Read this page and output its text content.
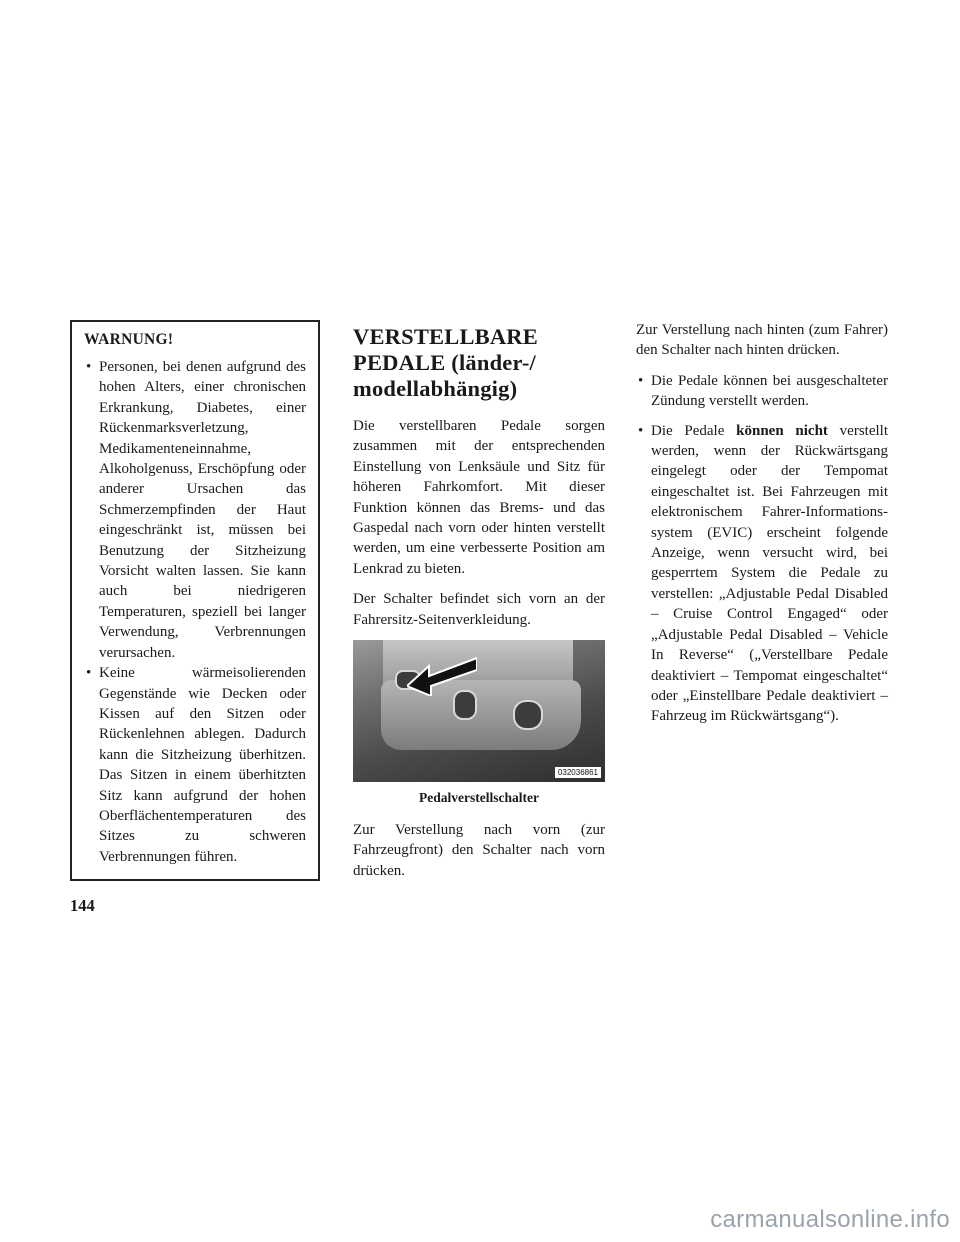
WARNUNG!
• Personen, bei denen aufgrund des hohen Alters, einer chronischen Erkrankung, Diabetes, einer Rückenmarksverletzung, Medikamenteneinnahme, Alkoholgenuss, Erschöpfung oder anderer Ursachen das Schmerzempfinden der Haut eingeschränkt ist, müssen bei Benutzung der Sitzheizung Vorsicht walten lassen. Sie kann auch bei niedrigeren Temperaturen, speziell bei langer Verwendung, Verbrennungen verursachen.
• Keine wärmeisolierenden Gegenstände wie Decken oder Kissen auf den Sitzen oder Rückenlehnen ablegen. Dadurch kann die Sitzheizung überhitzen. Das Sitzen in einem überhitzten Sitz kann aufgrund der hohen Oberflächentemperaturen des Sitzes zu schweren Verbrennungen führen.
VERSTELLBARE PEDALE (länder-/ modellabhängig)

Die verstellbaren Pedale sorgen zusammen mit der entsprechenden Einstellung von Lenksäule und Sitz für höheren Fahrkomfort. Mit dieser Funktion können das Brems- und das Gaspedal nach vorn oder hinten verstellt werden, um eine verbesserte Position am Lenkrad zu bieten.

Der Schalter befindet sich vorn an der Fahrersitz-Seitenverkleidung.

032036861
Pedalverstellschalter

Zur Verstellung nach vorn (zur Fahrzeugfront) den Schalter nach vorn drücken.

Zur Verstellung nach hinten (zum Fahrer) den Schalter nach hinten drücken.

• Die Pedale können bei ausgeschalteter Zündung verstellt werden.
• Die Pedale können nicht verstellt werden, wenn der Rückwärtsgang eingelegt oder der Tempomat eingeschaltet ist. Bei Fahrzeugen mit elektronischem Fahrer-Informations-system (EVIC) erscheint folgende Anzeige, wenn versucht wird, bei gesperrtem System die Pedale zu verstellen: „Adjustable Pedal Disabled – Cruise Control Engaged“ oder „Adjustable Pedal Disabled – Vehicle In Reverse“ („Verstellbare Pedale deaktiviert – Tempomat eingeschaltet“ oder „Einstellbare Pedale deaktiviert – Fahrzeug im Rückwärtsgang“).
144
carmanualsonline.info
